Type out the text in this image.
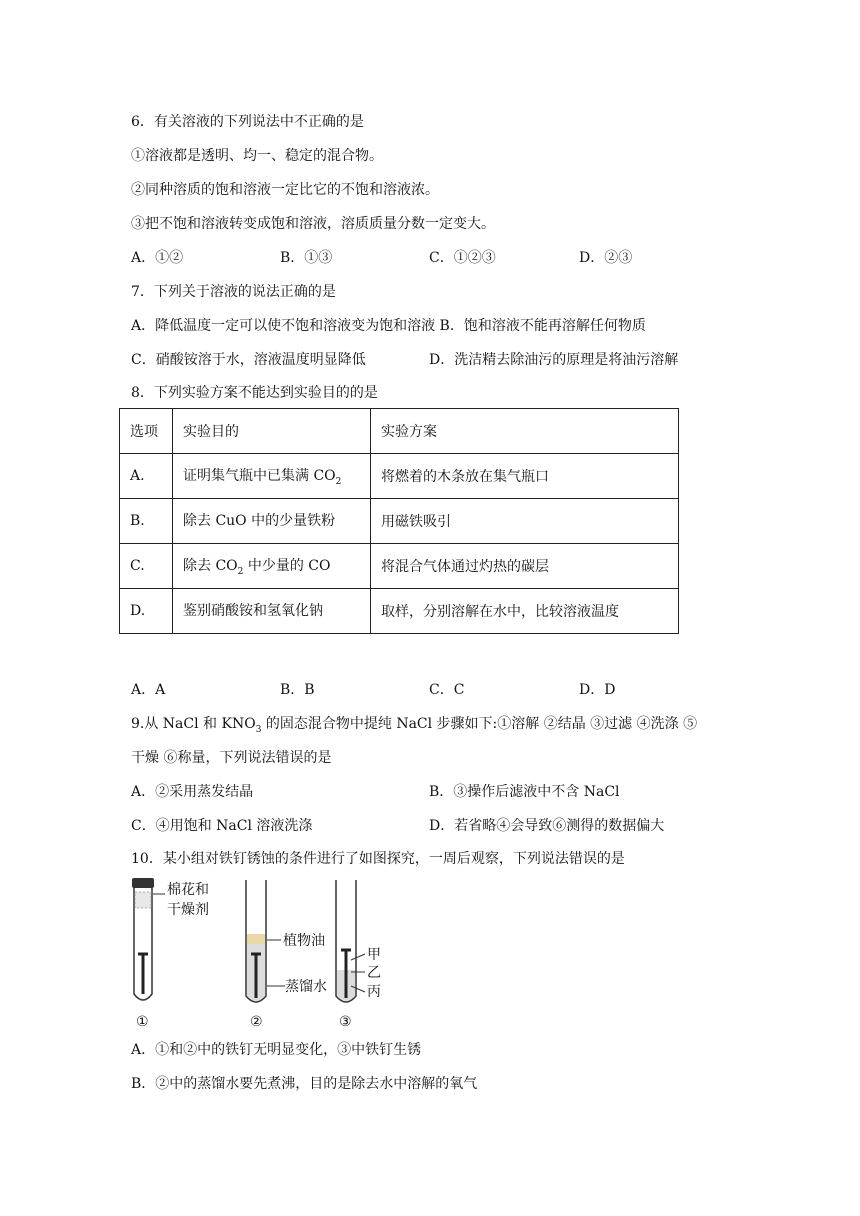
6．有关溶液的下列说法中不正确的是
①溶液都是透明、均一、稳定的混合物。
②同种溶质的饱和溶液一定比它的不饱和溶液浓。
③把不饱和溶液转变成饱和溶液，溶质质量分数一定变大。
A．①②	B．①③	C．①②③	D．②③
7．下列关于溶液的说法正确的是
A．降低温度一定可以使不饱和溶液变为饱和溶液 B．饱和溶液不能再溶解任何物质
C．硝酸铵溶于水，溶液温度明显降低	D．洗洁精去除油污的原理是将油污溶解
8．下列实验方案不能达到实验目的的是
选项	实验目的	实验方案
A.	证明集气瓶中已集满 $CO_2$	将燃着的木条放在集气瓶口
B.	除去 CuO 中的少量铁粉	用磁铁吸引
C.	除去 $CO_2$ 中少量的 CO	将混合气体通过灼热的碳层
D.	鉴别硝酸铵和氢氧化钠	取样，分别溶解在水中，比较溶液温度
A．A	B．B	C．C	D．D
9.从 NaCl 和 $KNO_3$ 的固态混合物中提纯 NaCl 步骤如下:①溶解 ②结晶 ③过滤 ④洗涤 ⑤
干燥 ⑥称量，下列说法错误的是
A．②采用蒸发结晶	B．③操作后滤液中不含 NaCl
C．④用饱和 NaCl 溶液洗涤	D．若省略④会导致⑥测得的数据偏大
10．某小组对铁钉锈蚀的条件进行了如图探究，一周后观察，下列说法错误的是
棉花和
干燥剂
①
植物油
蒸馏水
②
甲
乙
丙
③
A．①和②中的铁钉无明显变化，③中铁钉生锈
B．②中的蒸馏水要先煮沸，目的是除去水中溶解的氧气
